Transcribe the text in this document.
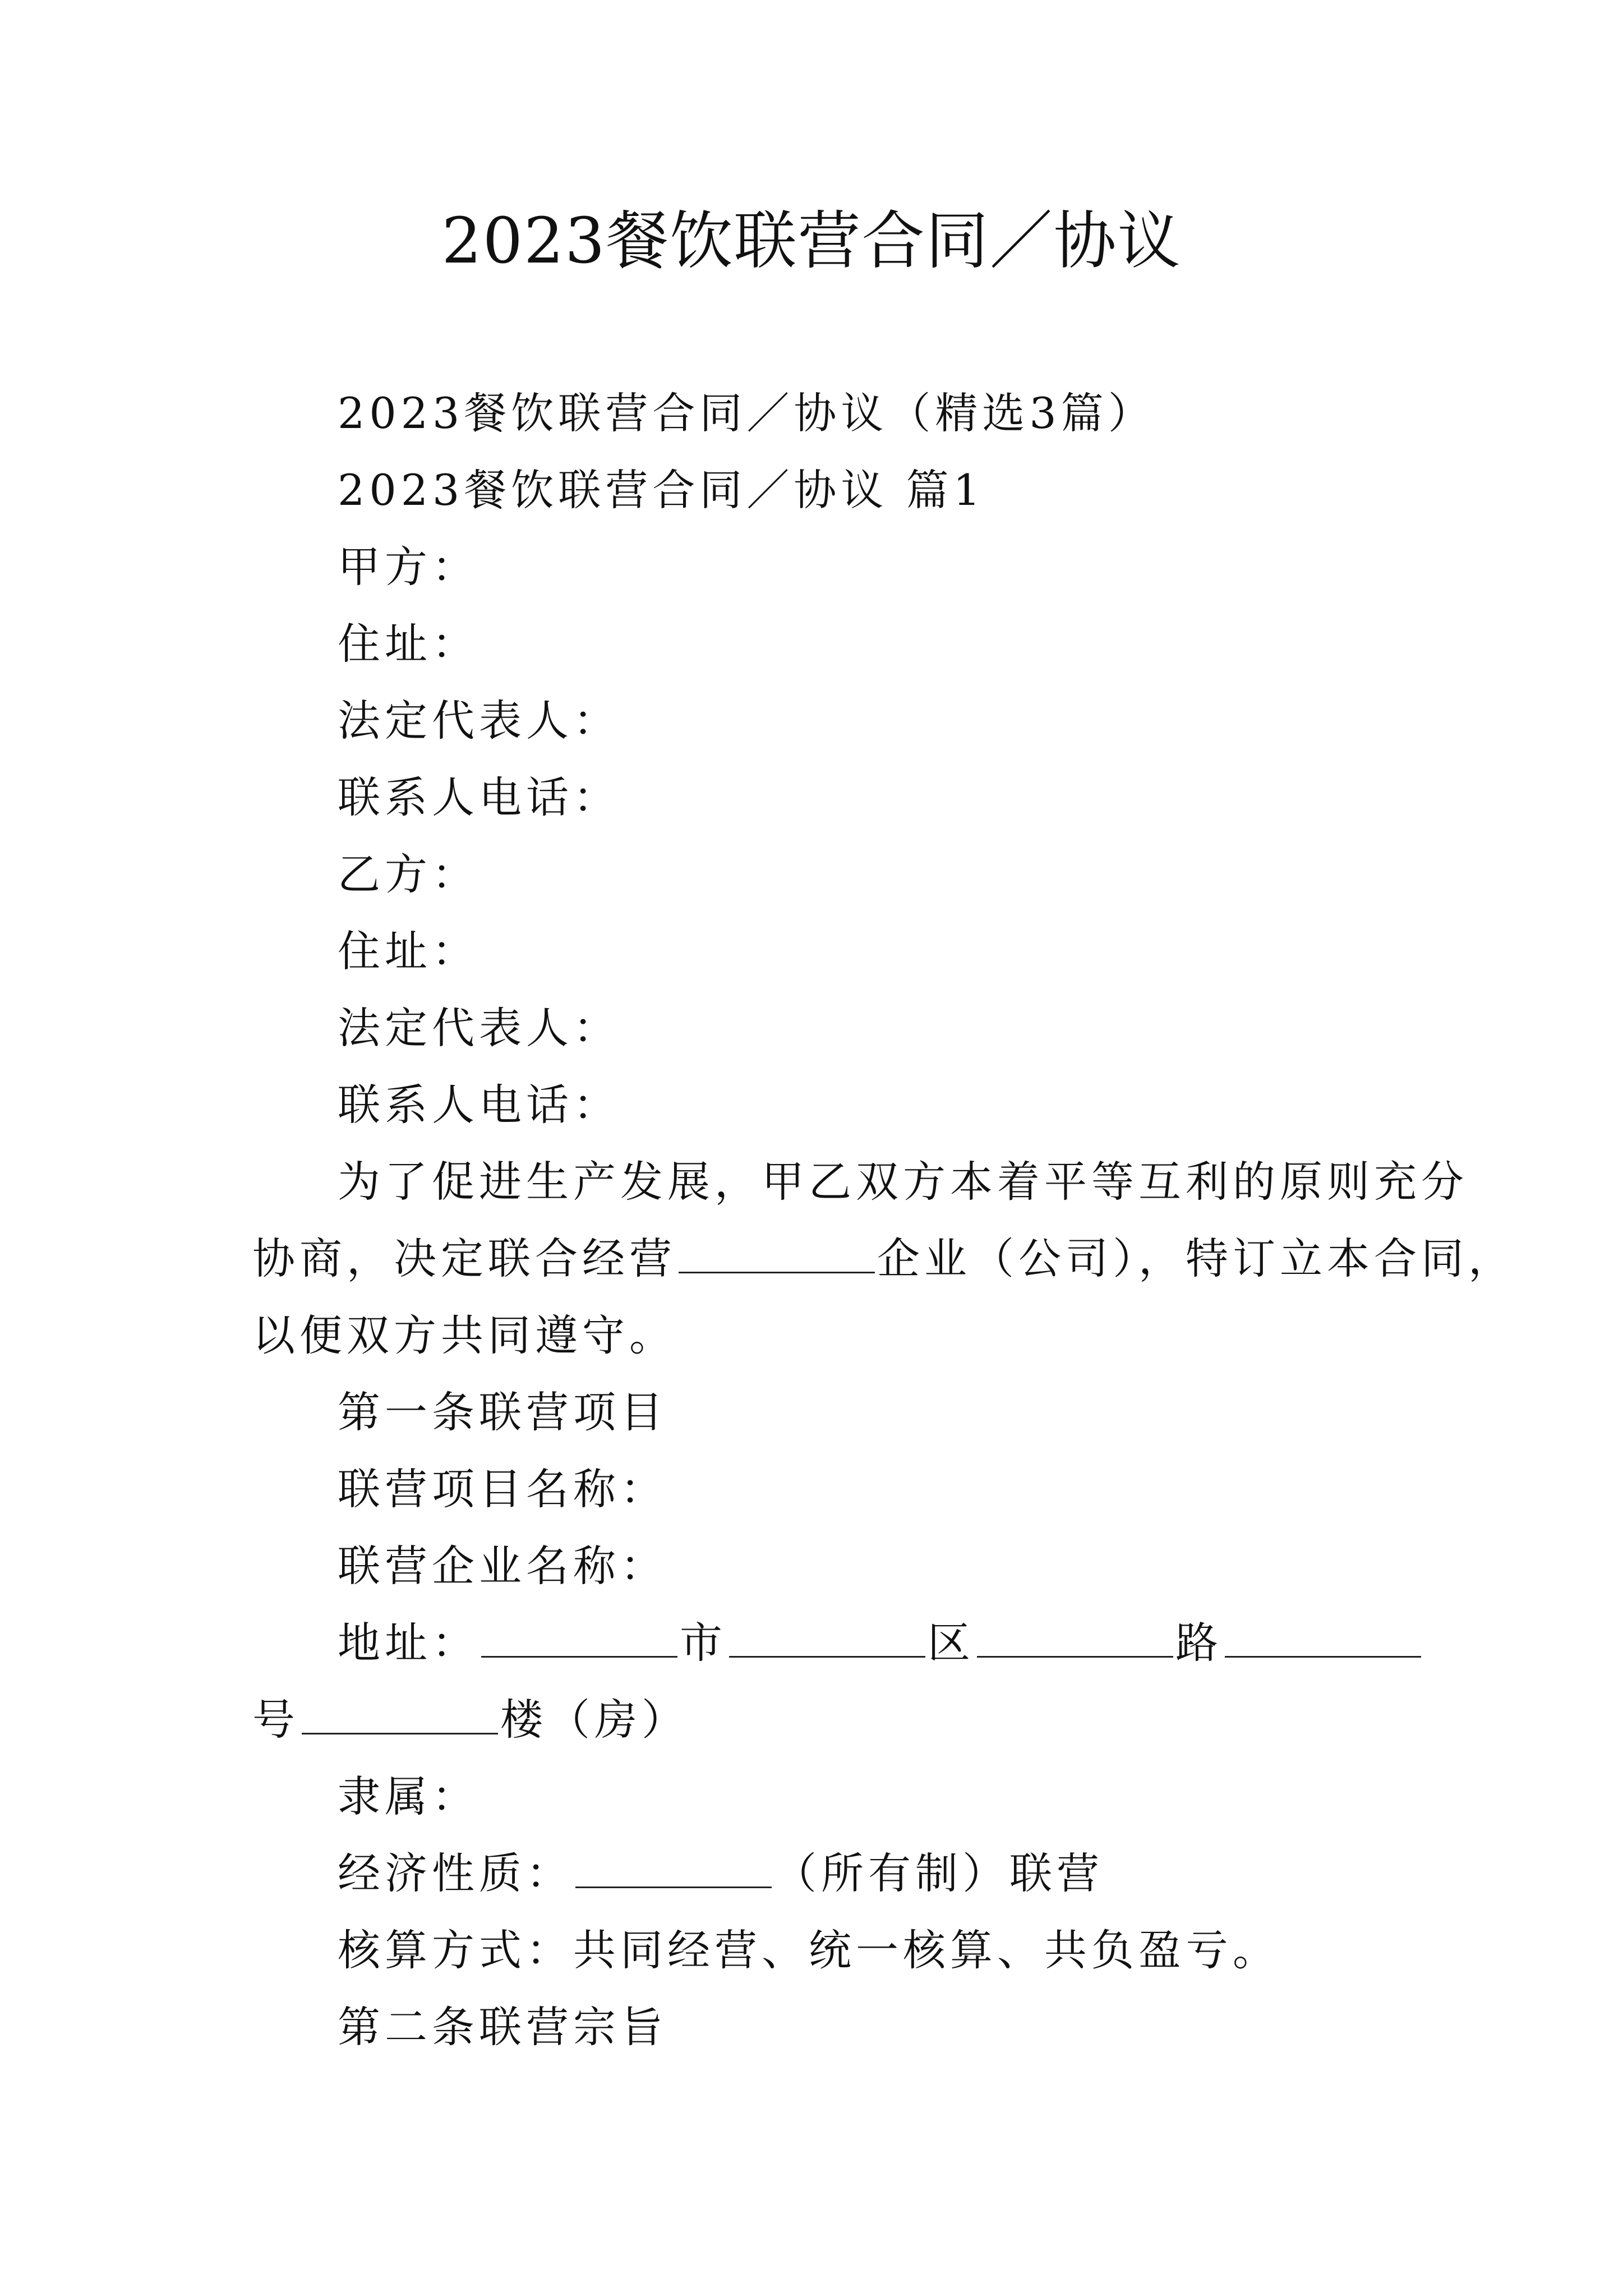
2023餐饮联营合同／协议

2023餐饮联营合同／协议（精选3篇）

2023餐饮联营合同／协议 篇1

甲方：

住址：

法定代表人：

联系人电话：

乙方：

住址：

法定代表人：

联系人电话：

为了促进生产发展，甲乙双方本着平等互利的原则充分

协商，决定联合经营	企业（公司），特订立本合同，

以便双方共同遵守。

第一条联营项目

联营项目名称：

联营企业名称：

地址：	市	区	路

号	楼（房）

隶属：

经济性质：	（所有制）联营

核算方式：共同经营、统一核算、共负盈亏。

第二条联营宗旨
